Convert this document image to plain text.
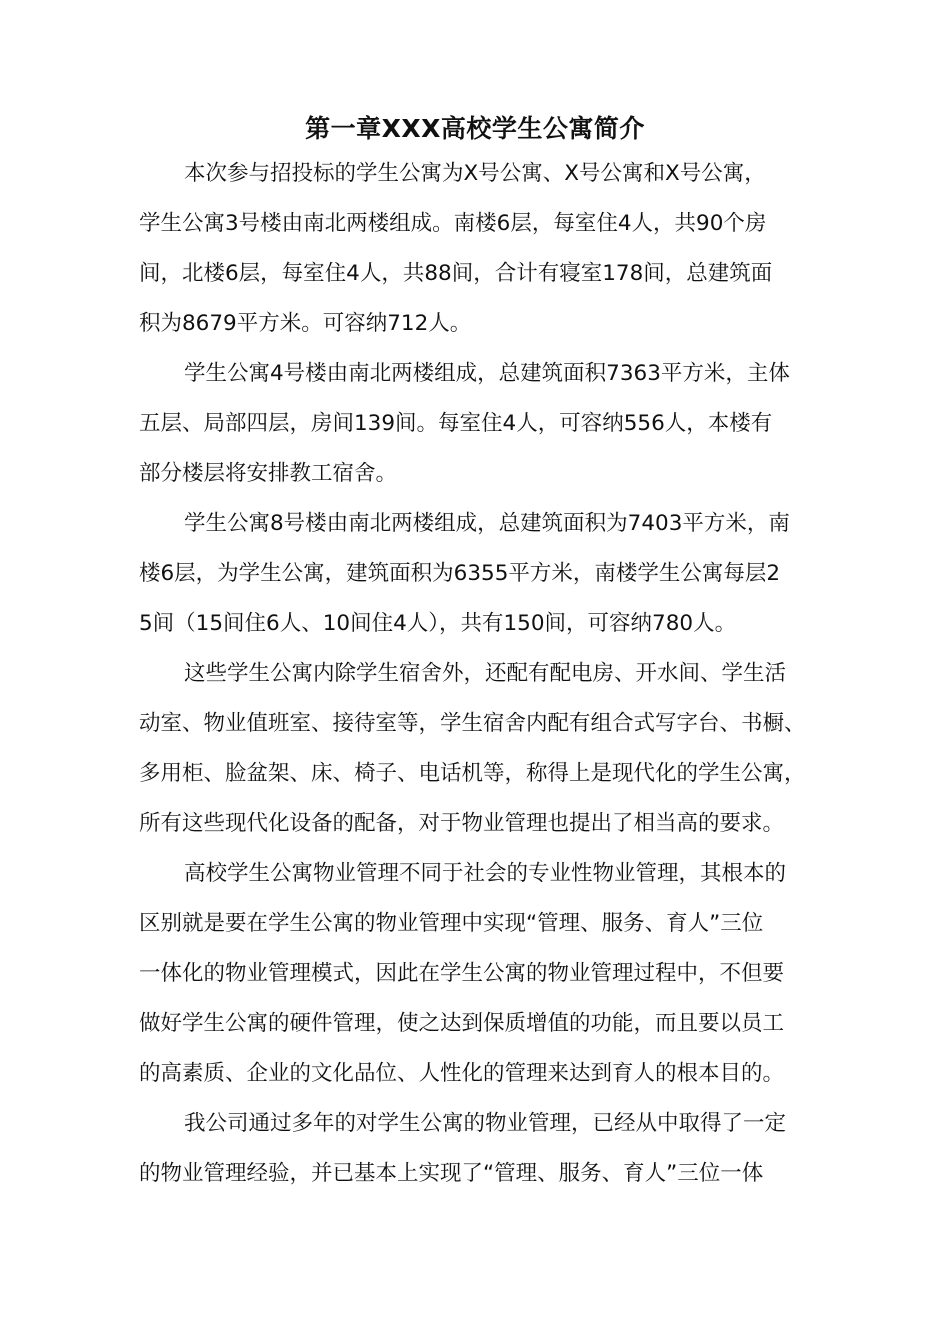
第一章XXX高校学生公寓简介

本次参与招投标的学生公寓为X号公寓、X号公寓和X号公寓，

学生公寓3号楼由南北两楼组成。南楼6层，每室住4人，共90个房

间，北楼6层，每室住4人，共88间，合计有寝室178间，总建筑面

积为8679平方米。可容纳712人。

学生公寓4号楼由南北两楼组成，总建筑面积7363平方米，主体

五层、局部四层，房间139间。每室住4人，可容纳556人，本楼有

部分楼层将安排教工宿舍。

学生公寓8号楼由南北两楼组成，总建筑面积为7403平方米，南

楼6层，为学生公寓，建筑面积为6355平方米，南楼学生公寓每层2

5间（15间住6人、10间住4人），共有150间，可容纳780人。

这些学生公寓内除学生宿舍外，还配有配电房、开水间、学生活

动室、物业值班室、接待室等，学生宿舍内配有组合式写字台、书橱、

多用柜、脸盆架、床、椅子、电话机等，称得上是现代化的学生公寓，

所有这些现代化设备的配备，对于物业管理也提出了相当高的要求。

高校学生公寓物业管理不同于社会的专业性物业管理，其根本的

区别就是要在学生公寓的物业管理中实现“管理、服务、育人”三位

一体化的物业管理模式，因此在学生公寓的物业管理过程中，不但要

做好学生公寓的硬件管理，使之达到保质增值的功能，而且要以员工

的高素质、企业的文化品位、人性化的管理来达到育人的根本目的。

我公司通过多年的对学生公寓的物业管理，已经从中取得了一定

的物业管理经验，并已基本上实现了“管理、服务、育人”三位一体
